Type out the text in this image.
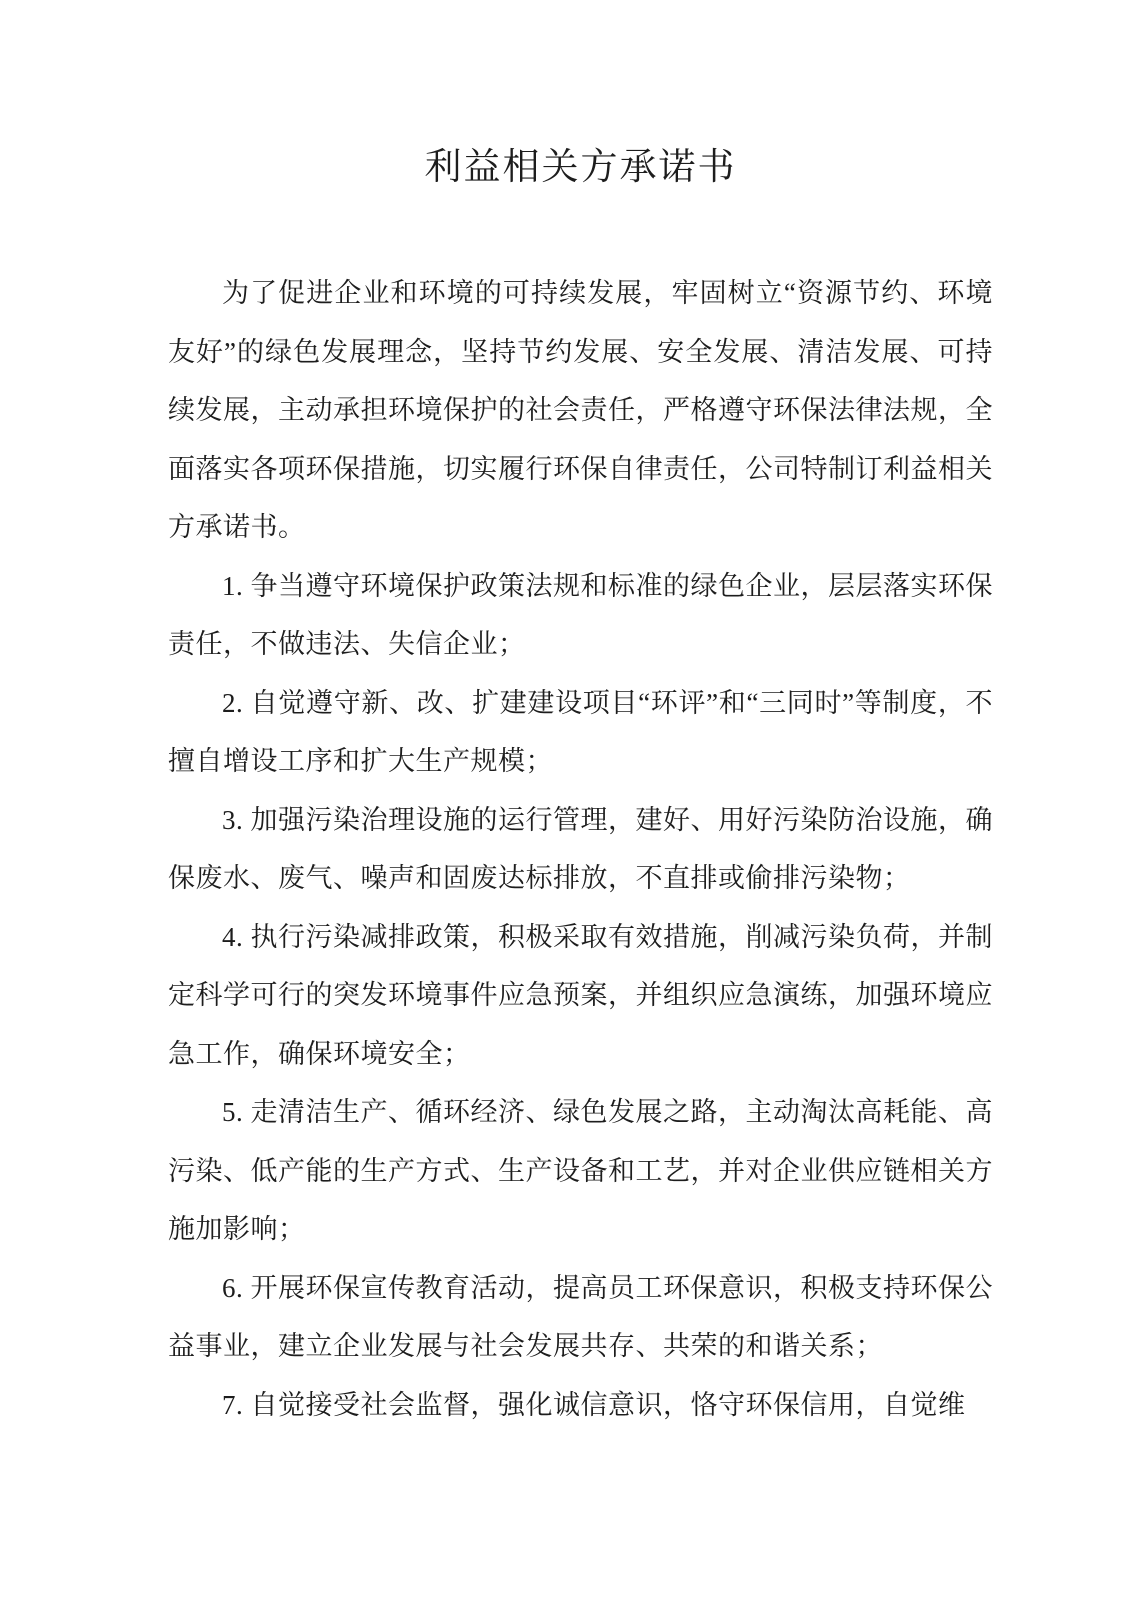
利益相关方承诺书

为了促进企业和环境的可持续发展，牢固树立“资源节约、环境友好”的绿色发展理念，坚持节约发展、安全发展、清洁发展、可持续发展，主动承担环境保护的社会责任，严格遵守环保法律法规，全面落实各项环保措施，切实履行环保自律责任，公司特制订利益相关方承诺书。

1. 争当遵守环境保护政策法规和标准的绿色企业，层层落实环保责任，不做违法、失信企业；

2. 自觉遵守新、改、扩建建设项目“环评”和“三同时”等制度，不擅自增设工序和扩大生产规模；

3. 加强污染治理设施的运行管理，建好、用好污染防治设施，确保废水、废气、噪声和固废达标排放，不直排或偷排污染物；

4. 执行污染减排政策，积极采取有效措施，削减污染负荷，并制定科学可行的突发环境事件应急预案，并组织应急演练，加强环境应急工作，确保环境安全；

5. 走清洁生产、循环经济、绿色发展之路，主动淘汰高耗能、高污染、低产能的生产方式、生产设备和工艺，并对企业供应链相关方施加影响；

6. 开展环保宣传教育活动，提高员工环保意识，积极支持环保公益事业，建立企业发展与社会发展共存、共荣的和谐关系；

7. 自觉接受社会监督，强化诚信意识，恪守环保信用，自觉维
